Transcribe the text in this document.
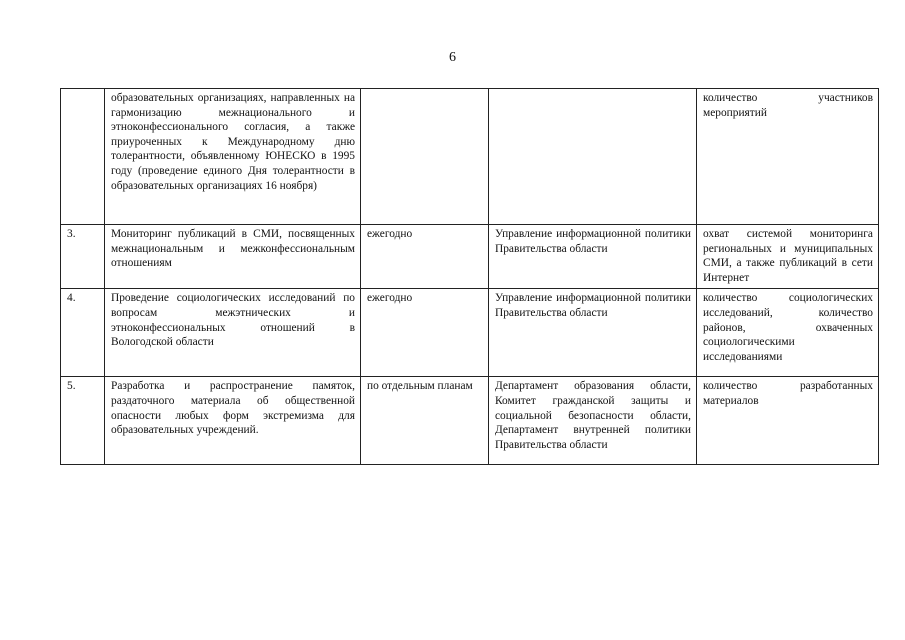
6
	образовательных организациях, направленных на гармонизацию межнационального и этноконфессионального согласия, а также приуроченных к Международному дню толерантности, объявленному ЮНЕСКО в 1995 году (проведение единого Дня толерантности в образовательных организациях 16 ноября)			количество участников мероприятий
3.	Мониторинг публикаций в СМИ, посвященных межнациональным и межконфессиональным отношениям	ежегодно	Управление информационной политики Правительства области	охват системой мониторинга региональных и муниципальных СМИ, а также публикаций в сети Интернет
4.	Проведение социологических исследований по вопросам межэтнических и этноконфессиональных отношений в Вологодской области	ежегодно	Управление информационной политики Правительства области	количество социологических исследований, количество районов, охваченных социологическими исследованиями
5.	Разработка и распространение памяток, раздаточного материала об общественной опасности любых форм экстремизма для образовательных учреждений.	по отдельным планам	Департамент образования области, Комитет гражданской защиты и социальной безопасности области, Департамент внутренней политики Правительства области	количество разработанных материалов
